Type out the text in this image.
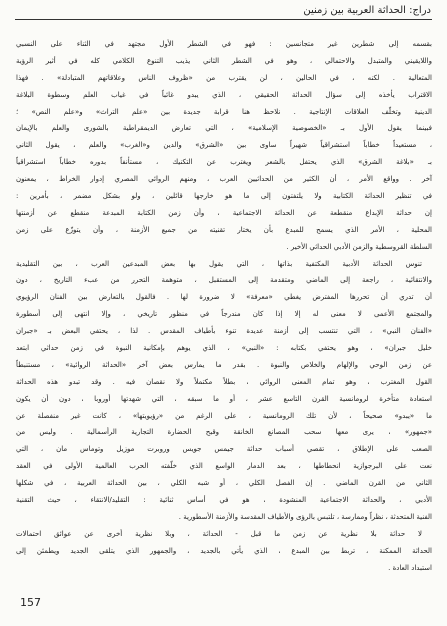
دراج: الحداثة العربية بين زمنين
بقسمه إلى شطرين غير متجانسين : فهو في الشطر الأول مجتهد في الثناء على النسبي
واللايقيني والمتبدل والاحتمالي ، وهو في الشطر الثاني يذيب التنوع الكلامي كله في أثير الرؤية
المتعالية . لكنه ، في الحالين ، لن يقترب من «ظروف الناس وعلاقاتهم المتبادلة» . فهذا
الاقتراب يأخذه إلى سؤال الحداثة الحقيقي ، الذي يبدو غائباً في غياب العلم وسطوة البلاغة
الدينية وتخلّف العلاقات الإنتاجية . نلاحظ هنا قرابة جديدة بين «علم التراث» و«علم النص» ؛
فبينما يقول الأول بـ «الخصوصية الإسلامية» ، التي تعارض الديمقراطية بالشورى والعلم بالإيمان
، مستعيداً خطاباً استشراقياً شهيراً ساوى بين «الشرق» والدين و«الغرب» والعلم ، يقول الثاني
بـ «بلاغة الشرق» الذي يحتفل بالشعر ويغترب عن التكنيك ، مستأنفاً بدوره خطاباً استشراقياً
آخر . وواقع الأمر ، أن الكثير من الحداثيين العرب ، ومنهم الروائي المصري إدوار الخراط ، يمعنون
في تنظير الحداثة الكتابية ولا يلتفتون إلى ما هو خارجها قائلين ، ولو بشكل مضمر ، بأمرين :
إن حداثة الإبداع منقطعة عن الحداثة الاجتماعية ، وأن زمن الكتابة المبدعة منقطع عن أزمنتها
المحلية ، الأمر الذي يسمح للمبدع بأن يختار تقنيته من جميع الأزمنة ، وأن يتوزّع على زمن
السلطة القروسطية والزمن الأدبي الحداثي الأخير .
تنوس الحداثة الأدبية المكتفية بذاتها ، التي يقول بها بعض المبدعين العرب ، بين التقليدية
والانتقائية ، راجعة إلى الماضي ومتقدمة إلى المستقبل ، متوهمة التحرر من عبء التاريخ ، دون
أن تدري أن تحررها المفترض يغطي «معرفة» لا ضرورة لها . فالقول بالتعارض بين الفنان الرؤيوي
والمجتمع الأعمى لا معنى له إلا إذا كان مندرجاً في منظور تاريخي ، وإلا انتهى إلى أسطورة
«الفنان النبي» ، التي تنتسب إلى أزمنة عديدة تنوء بأطياف المقدس . لذا ، يحتفي البعض بـ «جبران
خليل جبران» ، وهو يحتفي بكتابه : «النبي» ، الذي يوهم بإمكانية النبوة في زمن حداثي ابتعد
عن زمن الوحي والإلهام والخلاص والنبوة . بقدر ما يمارس بعض آخر «الحداثة الروائية» ، مستنبطاً
القول المغترب ، وهو تمام المعنى الروائي ، بطلاً مكتملاً ولا نقصان فيه . وقد تبدو هذه الحداثة
استعادة متأخرة لرومانسية القرن التاسع عشر ، أو ما سبقه ، التي شهدتها أوروبا ، دون أن يكون
ما «يبدو» صحيحاً ، لأن تلك الرومانسية ، على الرغم من «رؤيويتها» ، كانت غير منفصلة عن
«جمهور» ، يرى معها سحب المصانع الخانقة وقبح الحضارة التجارية الرأسمالية . وليس من
الصعب على الإطلاق ، تقصي أسباب حداثة جيمس جويس وروبرت موزيل وتوماس مان ، التي
نعت على البرجوازية انحطاطها ، بعد الدمار الواسع الذي خلّفته الحرب العالمية الأولى في العقد
الثاني من القرن الماضي . إن الفصل الكلي ، أو شبه الكلي ، بين الحداثة العربية ، في شكلها
الأدبي ، والحداثة الاجتماعية المنشودة ، هو في أساس ثنائية : التقليد/الانتقاء ، حيث التقنية
الفنية المتحدثة ، نظراً وممارسة ، تلتبس بالرؤى والأطياف المقدسة والأزمنة الأسطورية .
لا حداثة بلا نظرية عن زمن ما قبل - الحداثة ، وبلا نظرية أخرى عن عوائق احتمالات
الحداثة الممكنة ، تربط بين المبدع ، الذي يأتي بالجديد ، والجمهور الذي يتلقى الجديد ويطمئن إلى
استبداد العادة .
157
